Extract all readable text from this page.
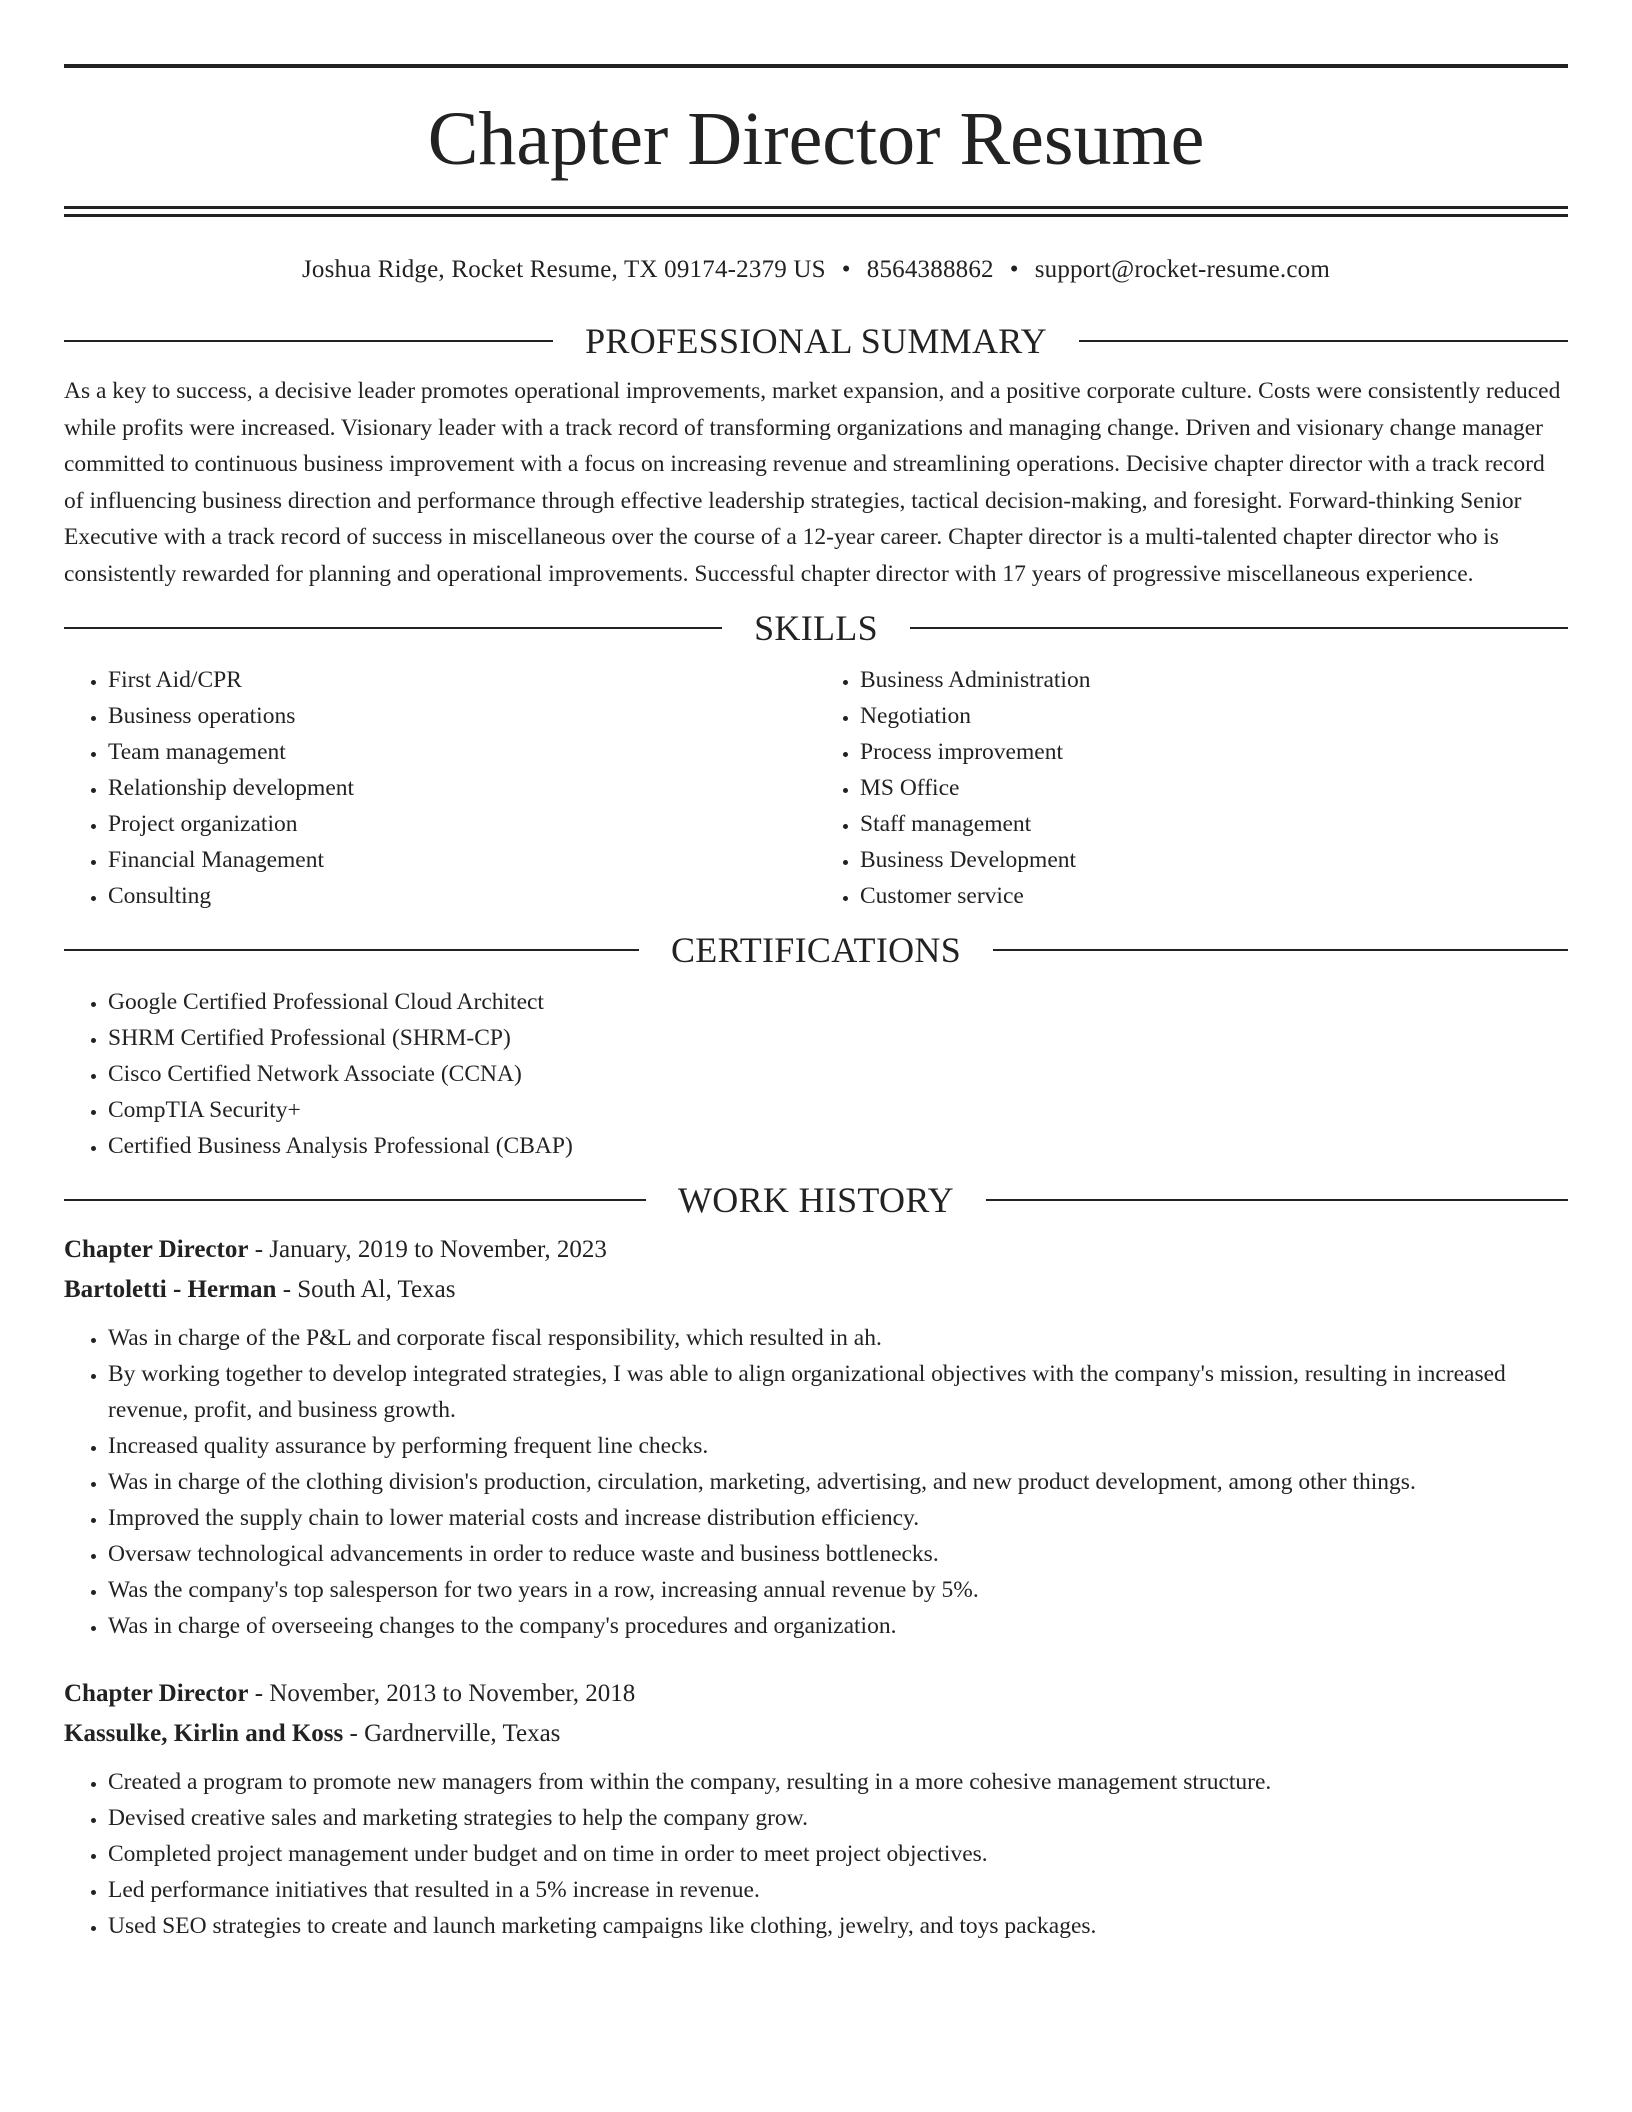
Chapter Director Resume
Joshua Ridge, Rocket Resume, TX 09174-2379 US • 8564388862 • support@rocket-resume.com
PROFESSIONAL SUMMARY

As a key to success, a decisive leader promotes operational improvements, market expansion, and a positive corporate culture. Costs were consistently reduced while profits were increased. Visionary leader with a track record of transforming organizations and managing change. Driven and visionary change manager committed to continuous business improvement with a focus on increasing revenue and streamlining operations. Decisive chapter director with a track record of influencing business direction and performance through effective leadership strategies, tactical decision-making, and foresight. Forward-thinking Senior Executive with a track record of success in miscellaneous over the course of a 12-year career. Chapter director is a multi-talented chapter director who is consistently rewarded for planning and operational improvements. Successful chapter director with 17 years of progressive miscellaneous experience.

SKILLS
• First Aid/CPR
• Business operations
• Team management
• Relationship development
• Project organization
• Financial Management
• Consulting
• Business Administration
• Negotiation
• Process improvement
• MS Office
• Staff management
• Business Development
• Customer service
CERTIFICATIONS
• Google Certified Professional Cloud Architect
• SHRM Certified Professional (SHRM-CP)
• Cisco Certified Network Associate (CCNA)
• CompTIA Security+
• Certified Business Analysis Professional (CBAP)
WORK HISTORY
Chapter Director - January, 2019 to November, 2023
Bartoletti - Herman - South Al, Texas
• Was in charge of the P&L and corporate fiscal responsibility, which resulted in ah.
• By working together to develop integrated strategies, I was able to align organizational objectives with the company's mission, resulting in increased revenue, profit, and business growth.
• Increased quality assurance by performing frequent line checks.
• Was in charge of the clothing division's production, circulation, marketing, advertising, and new product development, among other things.
• Improved the supply chain to lower material costs and increase distribution efficiency.
• Oversaw technological advancements in order to reduce waste and business bottlenecks.
• Was the company's top salesperson for two years in a row, increasing annual revenue by 5%.
• Was in charge of overseeing changes to the company's procedures and organization.
Chapter Director - November, 2013 to November, 2018
Kassulke, Kirlin and Koss - Gardnerville, Texas
• Created a program to promote new managers from within the company, resulting in a more cohesive management structure.
• Devised creative sales and marketing strategies to help the company grow.
• Completed project management under budget and on time in order to meet project objectives.
• Led performance initiatives that resulted in a 5% increase in revenue.
• Used SEO strategies to create and launch marketing campaigns like clothing, jewelry, and toys packages.
